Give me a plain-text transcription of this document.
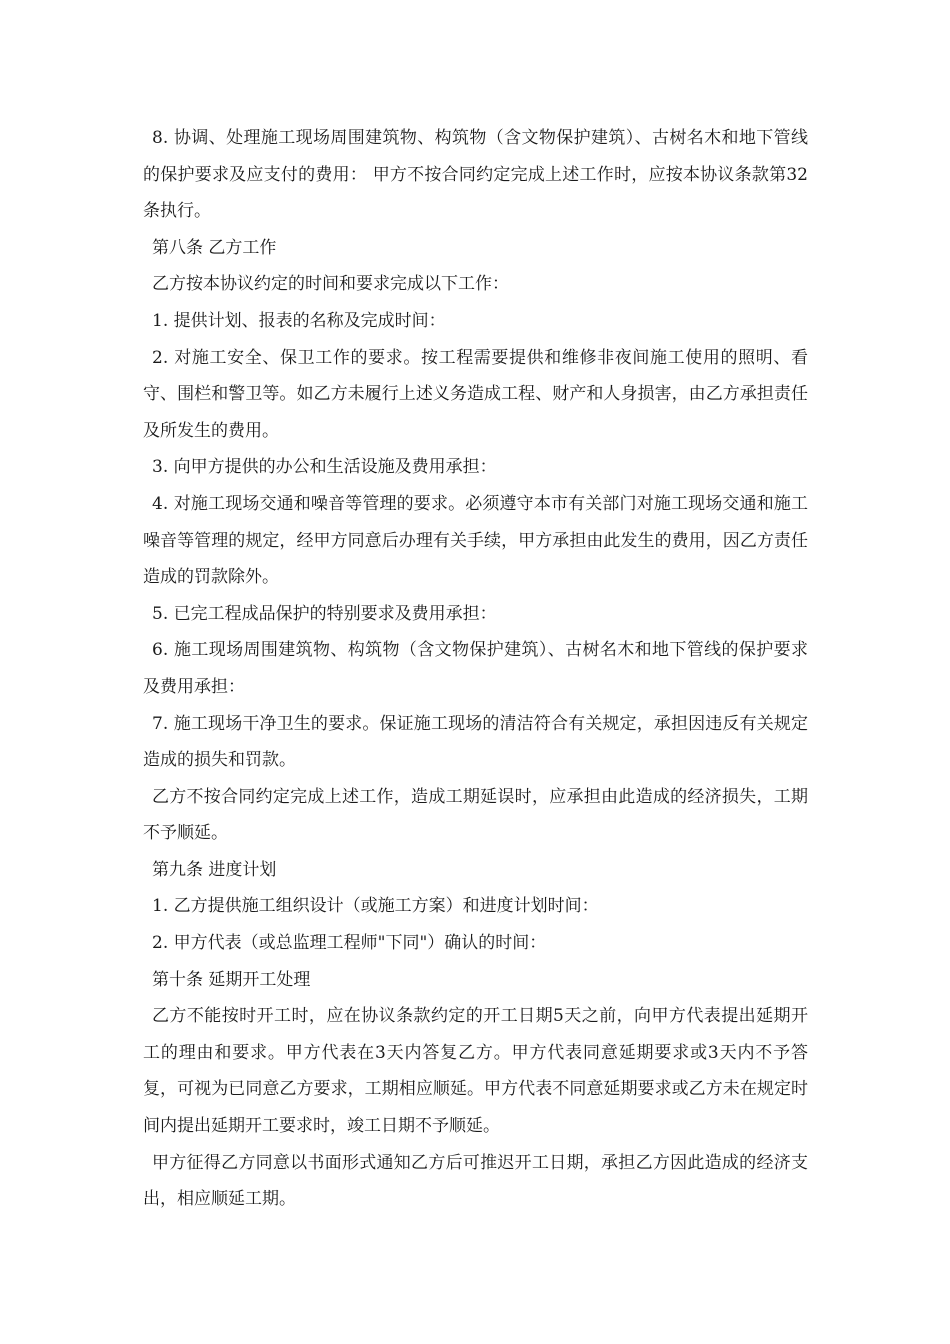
8. 协调、处理施工现场周围建筑物、构筑物（含文物保护建筑）、古树名木和地下管线的保护要求及应支付的费用： 甲方不按合同约定完成上述工作时，应按本协议条款第32条执行。

第八条 乙方工作

乙方按本协议约定的时间和要求完成以下工作：

1. 提供计划、报表的名称及完成时间：

2. 对施工安全、保卫工作的要求。按工程需要提供和维修非夜间施工使用的照明、看守、围栏和警卫等。如乙方未履行上述义务造成工程、财产和人身损害，由乙方承担责任及所发生的费用。

3. 向甲方提供的办公和生活设施及费用承担：

4. 对施工现场交通和噪音等管理的要求。必须遵守本市有关部门对施工现场交通和施工噪音等管理的规定，经甲方同意后办理有关手续，甲方承担由此发生的费用，因乙方责任造成的罚款除外。

5. 已完工程成品保护的特别要求及费用承担：

6. 施工现场周围建筑物、构筑物（含文物保护建筑）、古树名木和地下管线的保护要求及费用承担：

7. 施工现场干净卫生的要求。保证施工现场的清洁符合有关规定，承担因违反有关规定造成的损失和罚款。

乙方不按合同约定完成上述工作，造成工期延误时，应承担由此造成的经济损失，工期不予顺延。

第九条 进度计划

1. 乙方提供施工组织设计（或施工方案）和进度计划时间：

2. 甲方代表（或总监理工程师"下同"）确认的时间：

第十条 延期开工处理

乙方不能按时开工时，应在协议条款约定的开工日期5天之前，向甲方代表提出延期开工的理由和要求。甲方代表在3天内答复乙方。甲方代表同意延期要求或3天内不予答复，可视为已同意乙方要求，工期相应顺延。甲方代表不同意延期要求或乙方未在规定时间内提出延期开工要求时，竣工日期不予顺延。

甲方征得乙方同意以书面形式通知乙方后可推迟开工日期，承担乙方因此造成的经济支出，相应顺延工期。
